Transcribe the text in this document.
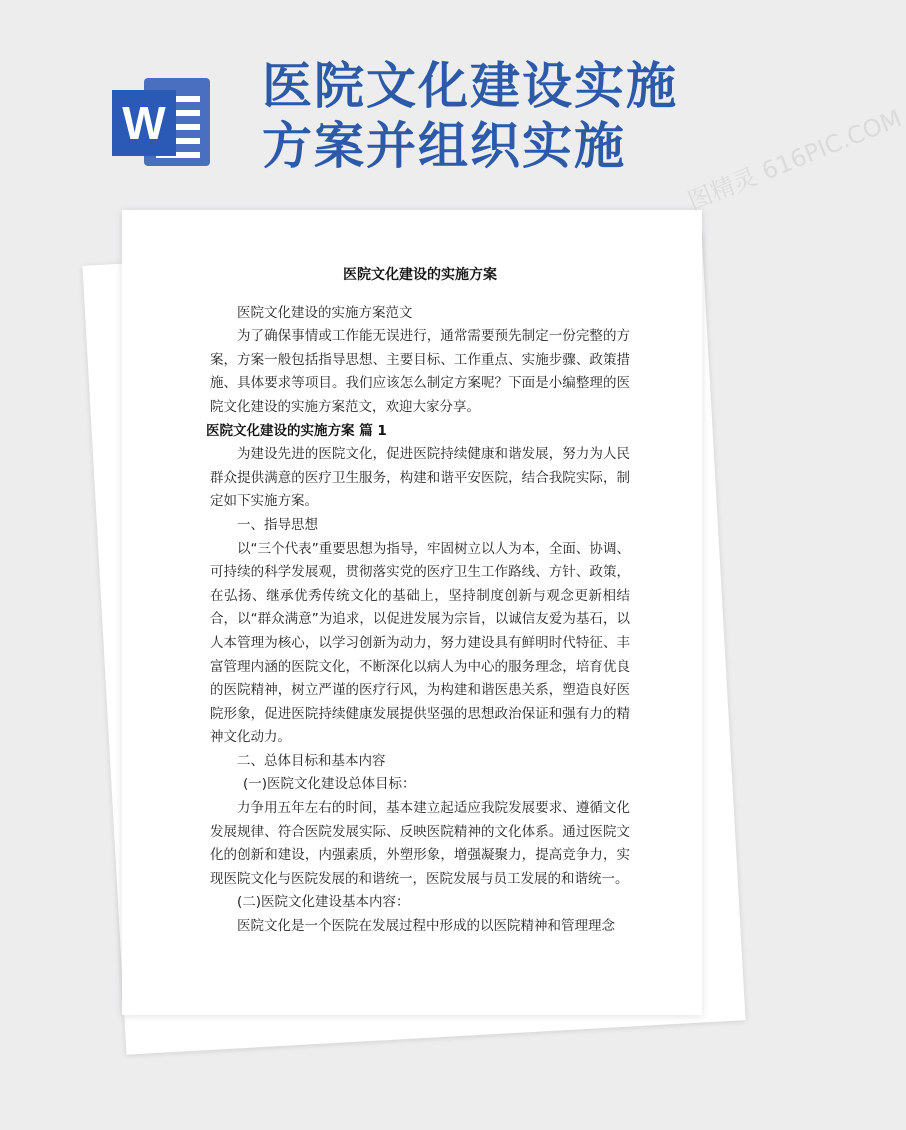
W
医院文化建设实施
方案并组织实施
医院文化建设的实施方案

医院文化建设的实施方案范文

为了确保事情或工作能无误进行，通常需要预先制定一份完整的方案，方案一般包括指导思想、主要目标、工作重点、实施步骤、政策措施、具体要求等项目。我们应该怎么制定方案呢？下面是小编整理的医院文化建设的实施方案范文，欢迎大家分享。

医院文化建设的实施方案 篇 1

为建设先进的医院文化，促进医院持续健康和谐发展，努力为人民群众提供满意的医疗卫生服务，构建和谐平安医院，结合我院实际，制定如下实施方案。

一、指导思想

以“三个代表”重要思想为指导，牢固树立以人为本，全面、协调、可持续的科学发展观，贯彻落实党的医疗卫生工作路线、方针、政策，在弘扬、继承优秀传统文化的基础上，坚持制度创新与观念更新相结合，以“群众满意”为追求，以促进发展为宗旨，以诚信友爱为基石，以人本管理为核心，以学习创新为动力，努力建设具有鲜明时代特征、丰富管理内涵的医院文化，不断深化以病人为中心的服务理念，培育优良的医院精神，树立严谨的医疗行风，为构建和谐医患关系，塑造良好医院形象，促进医院持续健康发展提供坚强的思想政治保证和强有力的精神文化动力。

二、总体目标和基本内容

(一)医院文化建设总体目标：

力争用五年左右的时间，基本建立起适应我院发展要求、遵循文化发展规律、符合医院发展实际、反映医院精神的文化体系。通过医院文化的创新和建设，内强素质，外塑形象，增强凝聚力，提高竞争力，实现医院文化与医院发展的和谐统一，医院发展与员工发展的和谐统一。

(二)医院文化建设基本内容：

医院文化是一个医院在发展过程中形成的以医院精神和管理理念

图精灵 616PIC.COM
